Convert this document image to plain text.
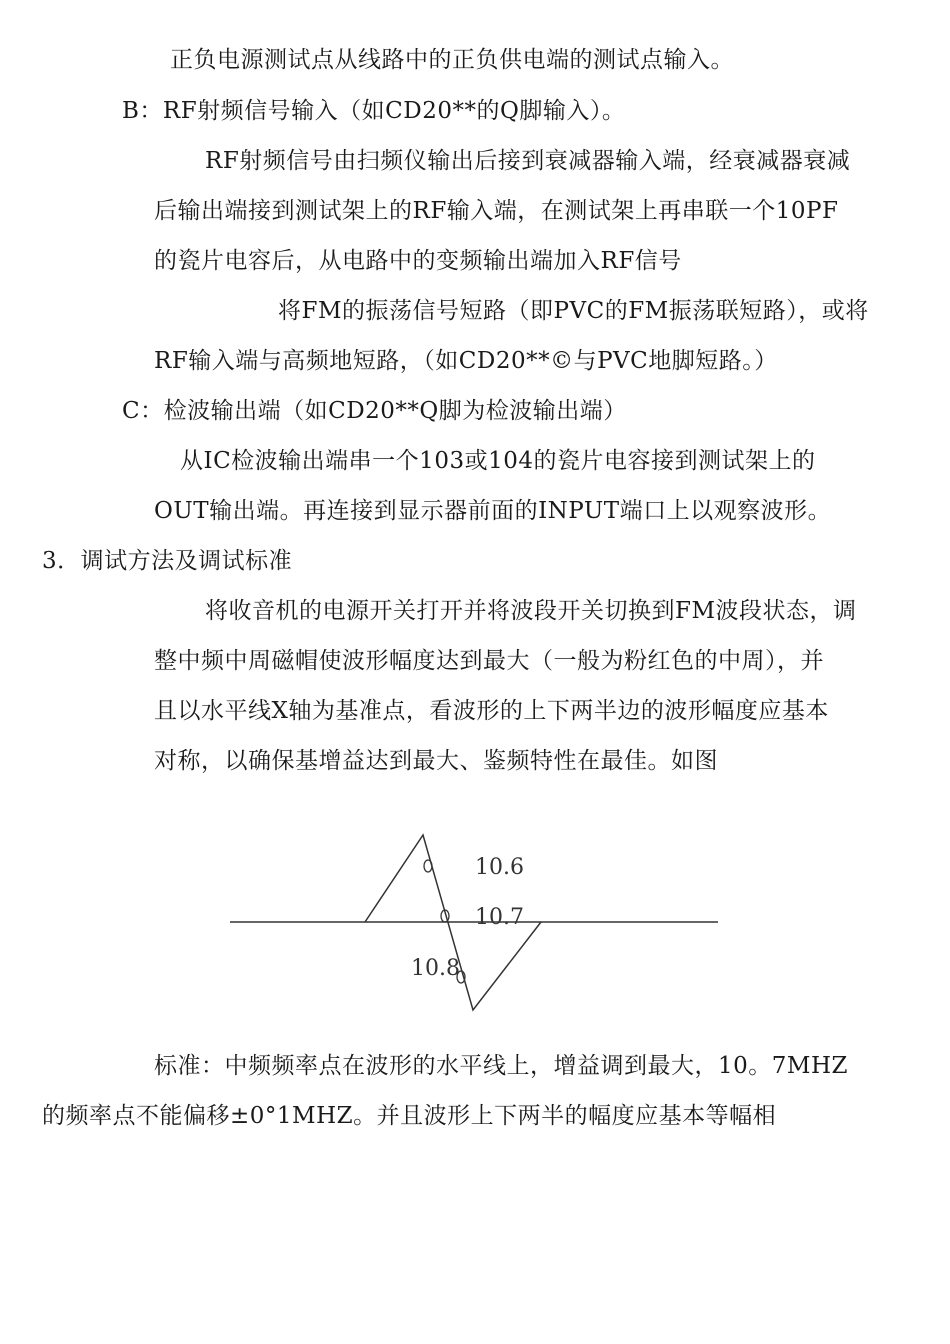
正负电源测试点从线路中的正负供电端的测试点输入。
B：RF射频信号输入（如CD20**的Q脚输入）。
RF射频信号由扫频仪输出后接到衰减器输入端，经衰减器衰减
后输出端接到测试架上的RF输入端，在测试架上再串联一个10PF
的瓷片电容后，从电路中的变频输出端加入RF信号
将FM的振荡信号短路（即PVC的FM振荡联短路），或将
RF输入端与高频地短路，（如CD20**©与PVC地脚短路。）
C：检波输出端（如CD20**Q脚为检波输出端）
从IC检波输出端串一个103或104的瓷片电容接到测试架上的
OUT输出端。再连接到显示器前面的INPUT端口上以观察波形。
3．调试方法及调试标准
将收音机的电源开关打开并将波段开关切换到FM波段状态，调
整中频中周磁帽使波形幅度达到最大（一般为粉红色的中周），并
且以水平线X轴为基准点，看波形的上下两半边的波形幅度应基本
对称，以确保基增益达到最大、鉴频特性在最佳。如图
标准：中频频率点在波形的水平线上，增益调到最大，10。7MHZ
的频率点不能偏移±0°1MHZ。并且波形上下两半的幅度应基本等幅相
10.6
10.7
10.8
